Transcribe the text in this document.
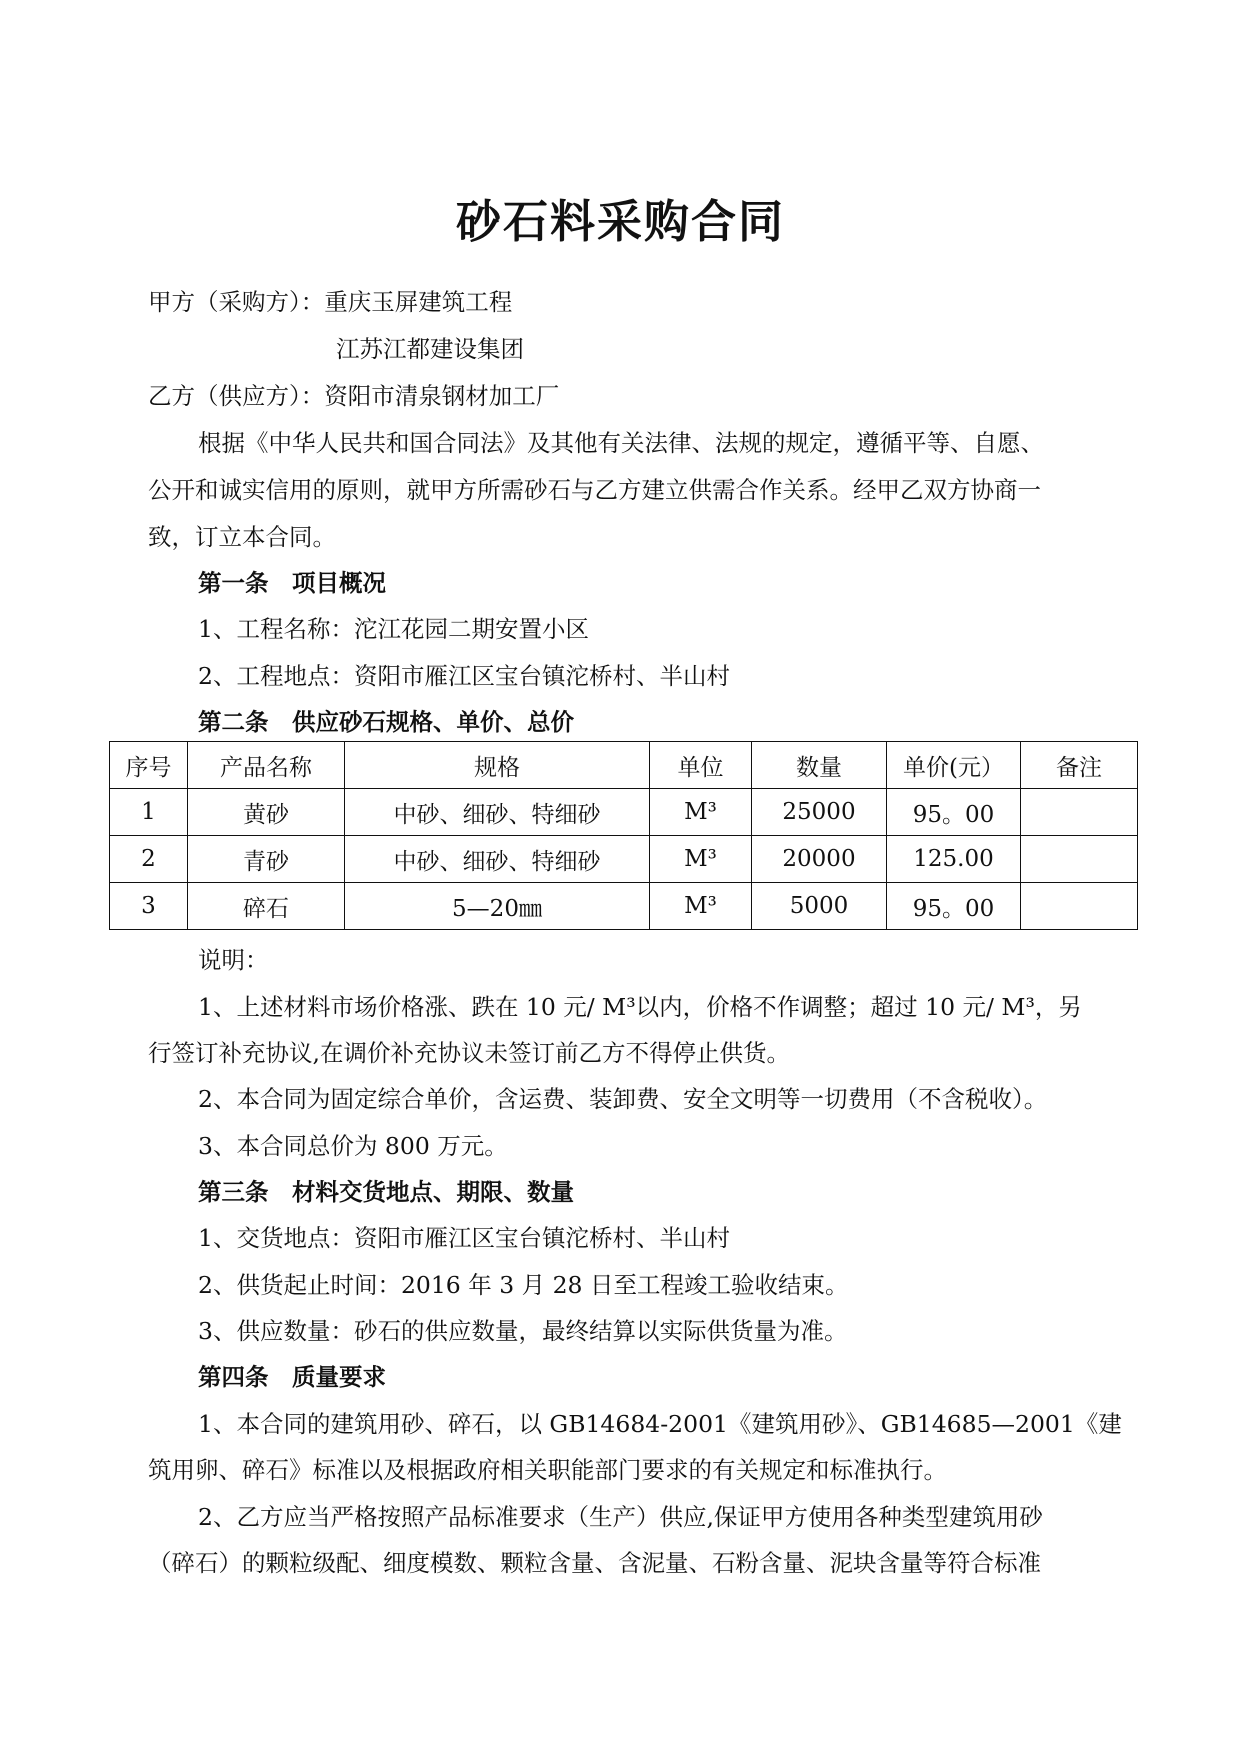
砂石料采购合同
甲方（采购方）：重庆玉屏建筑工程
江苏江都建设集团
乙方（供应方）：资阳市清泉钢材加工厂
根据《中华人民共和国合同法》及其他有关法律、法规的规定，遵循平等、自愿、
公开和诚实信用的原则，就甲方所需砂石与乙方建立供需合作关系。经甲乙双方协商一
致，订立本合同。
第一条　项目概况
1、工程名称：沱江花园二期安置小区
2、工程地点：资阳市雁江区宝台镇沱桥村、半山村
第二条　供应砂石规格、单价、总价
序号	产品名称	规格	单位	数量	单价(元）	备注
1	黄砂	中砂、细砂、特细砂	M³	25000	95。00	
2	青砂	中砂、细砂、特细砂	M³	20000	125.00	
3	碎石	5—20㎜	M³	5000	95。00	
说明：
1、上述材料市场价格涨、跌在 10 元/ M³以内，价格不作调整；超过 10 元/ M³，另
行签订补充协议,在调价补充协议未签订前乙方不得停止供货。
2、本合同为固定综合单价，含运费、装卸费、安全文明等一切费用（不含税收）。
3、本合同总价为 800 万元。
第三条　材料交货地点、期限、数量
1、交货地点：资阳市雁江区宝台镇沱桥村、半山村
2、供货起止时间：2016 年 3 月 28 日至工程竣工验收结束。
3、供应数量：砂石的供应数量，最终结算以实际供货量为准。
第四条　质量要求
1、本合同的建筑用砂、碎石，以 GB14684-2001《建筑用砂》、GB14685—2001《建
筑用卵、碎石》标准以及根据政府相关职能部门要求的有关规定和标准执行。
2、乙方应当严格按照产品标准要求（生产）供应,保证甲方使用各种类型建筑用砂
（碎石）的颗粒级配、细度模数、颗粒含量、含泥量、石粉含量、泥块含量等符合标准
